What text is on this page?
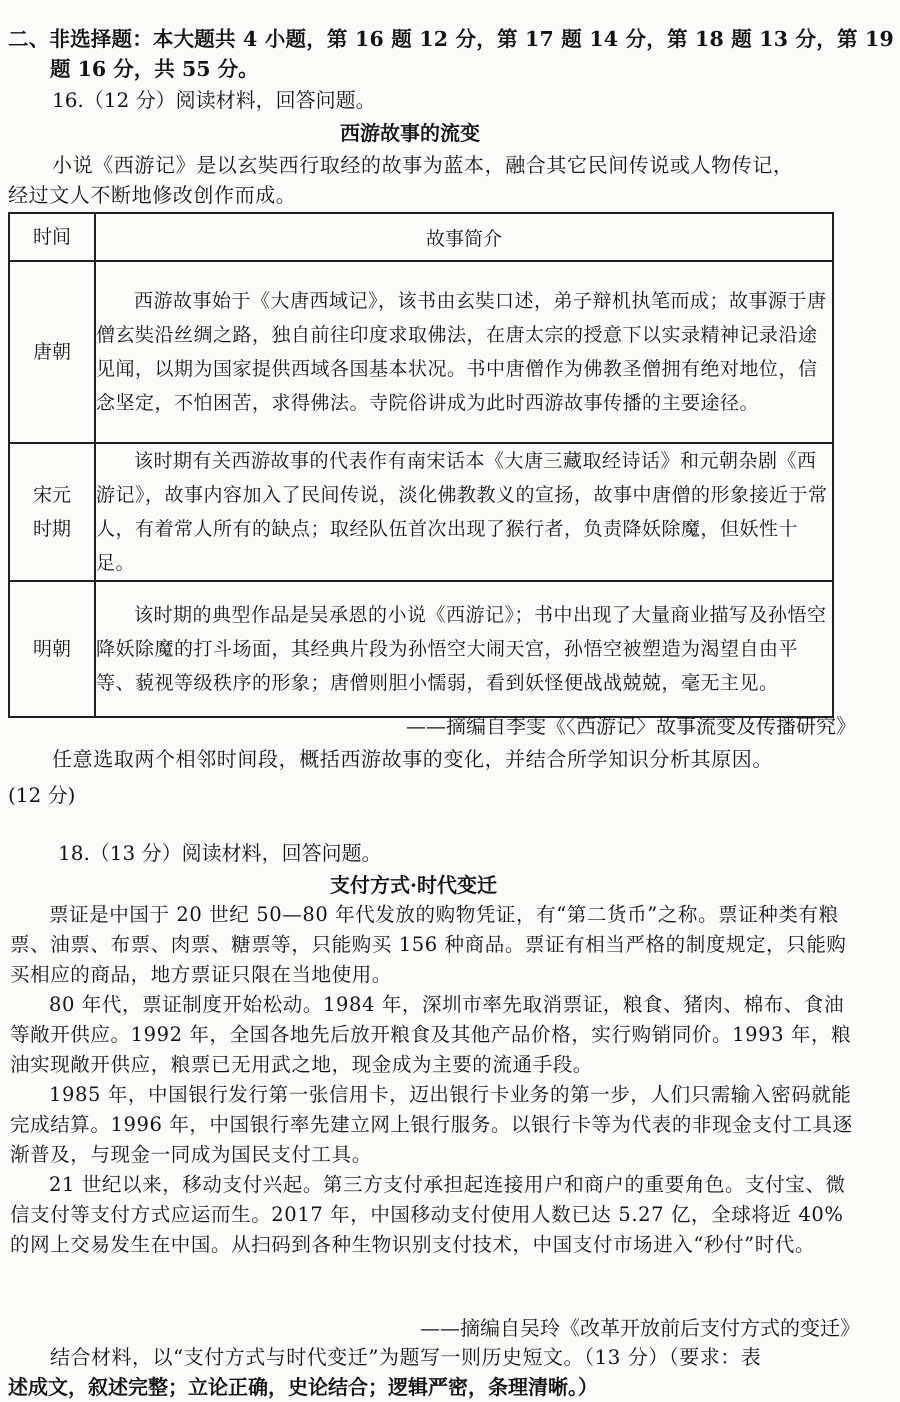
二、非选择题：本大题共 4 小题，第 16 题 12 分，第 17 题 14 分，第 18 题 13 分，第 19
题 16 分，共 55 分。
16.（12 分）阅读材料，回答问题。
西游故事的流变
小说《西游记》是以玄奘西行取经的故事为蓝本，融合其它民间传说或人物传记，
经过文人不断地修改创作而成。
时间	故事简介
唐朝	西游故事始于《大唐西域记》，该书由玄奘口述，弟子辩机执笔而成；故事源于唐僧玄奘沿丝绸之路，独自前往印度求取佛法，在唐太宗的授意下以实录精神记录沿途见闻，以期为国家提供西域各国基本状况。书中唐僧作为佛教圣僧拥有绝对地位，信念坚定，不怕困苦，求得佛法。寺院俗讲成为此时西游故事传播的主要途径。

宋元
时期	该时期有关西游故事的代表作有南宋话本《大唐三藏取经诗话》和元朝杂剧《西游记》，故事内容加入了民间传说，淡化佛教教义的宣扬，故事中唐僧的形象接近于常人，有着常人所有的缺点；取经队伍首次出现了猴行者，负责降妖除魔，但妖性十足。

明朝	该时期的典型作品是吴承恩的小说《西游记》；书中出现了大量商业描写及孙悟空降妖除魔的打斗场面，其经典片段为孙悟空大闹天宫，孙悟空被塑造为渴望自由平等、藐视等级秩序的形象；唐僧则胆小懦弱，看到妖怪便战战兢兢，毫无主见。

——摘编自李雯《〈西游记〉故事流变及传播研究》
任意选取两个相邻时间段，概括西游故事的变化，并结合所学知识分析其原因。
(12 分)
18.（13 分）阅读材料，回答问题。
支付方式·时代变迁

票证是中国于 20 世纪 50—80 年代发放的购物凭证，有“第二货币”之称。票证种类有粮票、油票、布票、肉票、糖票等，只能购买 156 种商品。票证有相当严格的制度规定，只能购买相应的商品，地方票证只限在当地使用。

80 年代，票证制度开始松动。1984 年，深圳市率先取消票证，粮食、猪肉、棉布、食油等敞开供应。1992 年，全国各地先后放开粮食及其他产品价格，实行购销同价。1993 年，粮油实现敞开供应，粮票已无用武之地，现金成为主要的流通手段。

1985 年，中国银行发行第一张信用卡，迈出银行卡业务的第一步，人们只需输入密码就能完成结算。1996 年，中国银行率先建立网上银行服务。以银行卡等为代表的非现金支付工具逐渐普及，与现金一同成为国民支付工具。

21 世纪以来，移动支付兴起。第三方支付承担起连接用户和商户的重要角色。支付宝、微信支付等支付方式应运而生。2017 年，中国移动支付使用人数已达 5.27 亿，全球将近 40% 的网上交易发生在中国。从扫码到各种生物识别支付技术，中国支付市场进入“秒付”时代。

——摘编自吴玲《改革开放前后支付方式的变迁》
结合材料，以“支付方式与时代变迁”为题写一则历史短文。（13 分）（要求：表
述成文，叙述完整；立论正确，史论结合；逻辑严密，条理清晰。）
